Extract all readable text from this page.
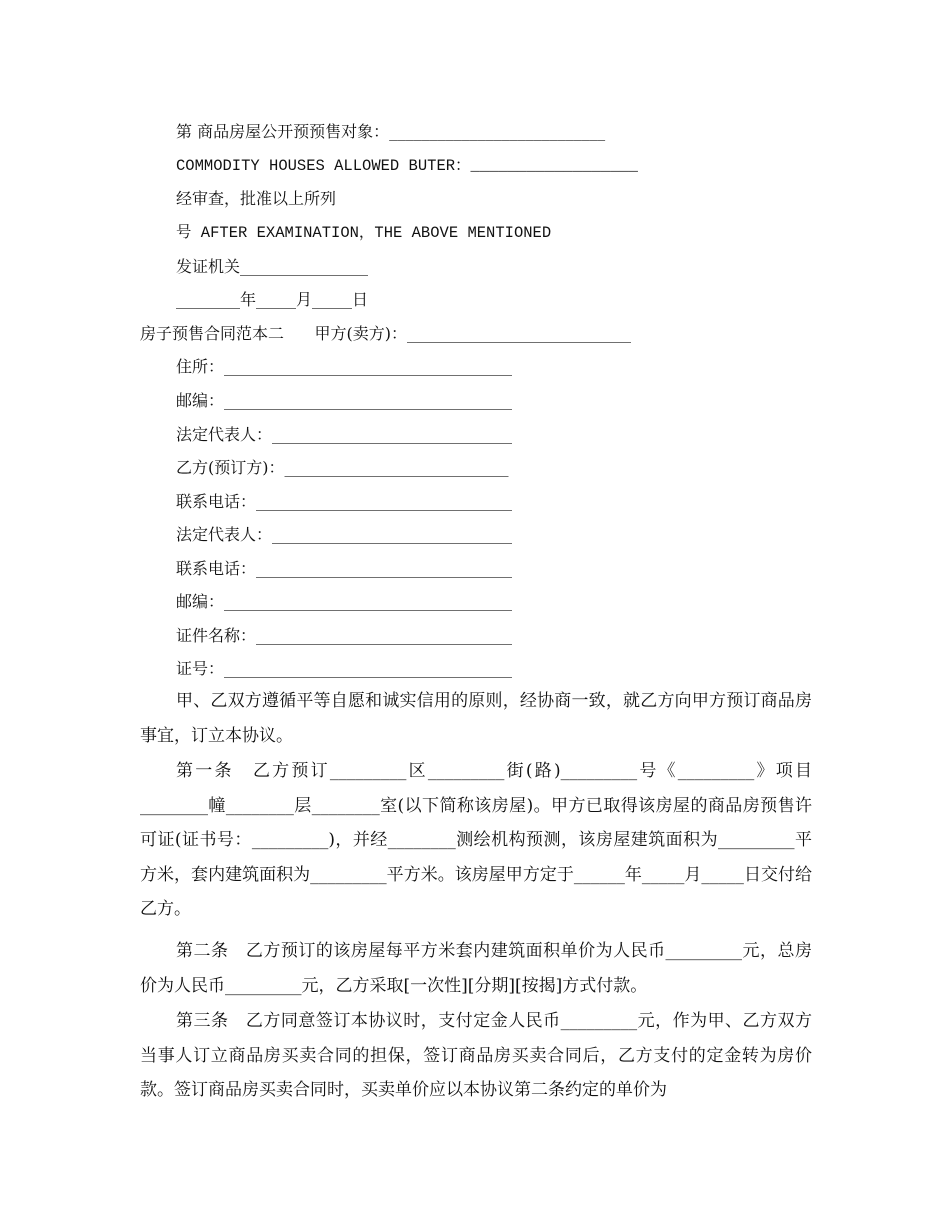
第 商品房屋公开预预售对象：___________________________
COMMODITY HOUSES ALLOWED BUTER：__________________
经审查，批准以上所列
号 AFTER EXAMINATION，THE ABOVE MENTIONED
发证机关________________
________年_____月_____日
房子预售合同范本二      甲方(卖方)：____________________________
住所：____________________________________
邮编：____________________________________
法定代表人：______________________________
乙方(预订方)：____________________________
联系电话：________________________________
法定代表人：______________________________
联系电话：________________________________
邮编：____________________________________
证件名称：________________________________
证号：____________________________________
甲、乙双方遵循平等自愿和诚实信用的原则，经协商一致，就乙方向甲方预订商品房事宜，订立本协议。
第一条　乙方预订_________区_________街(路)_________号《_________》项目________幢________层________室(以下简称该房屋)。甲方已取得该房屋的商品房预售许可证(证书号：_________)，并经________测绘机构预测，该房屋建筑面积为_________平方米，套内建筑面积为_________平方米。该房屋甲方定于______年_____月_____日交付给乙方。
第二条　乙方预订的该房屋每平方米套内建筑面积单价为人民币_________元，总房价为人民币_________元，乙方采取[一次性][分期][按揭]方式付款。
第三条　乙方同意签订本协议时，支付定金人民币_________元，作为甲、乙方双方当事人订立商品房买卖合同的担保，签订商品房买卖合同后，乙方支付的定金转为房价款。签订商品房买卖合同时，买卖单价应以本协议第二条约定的单价为
